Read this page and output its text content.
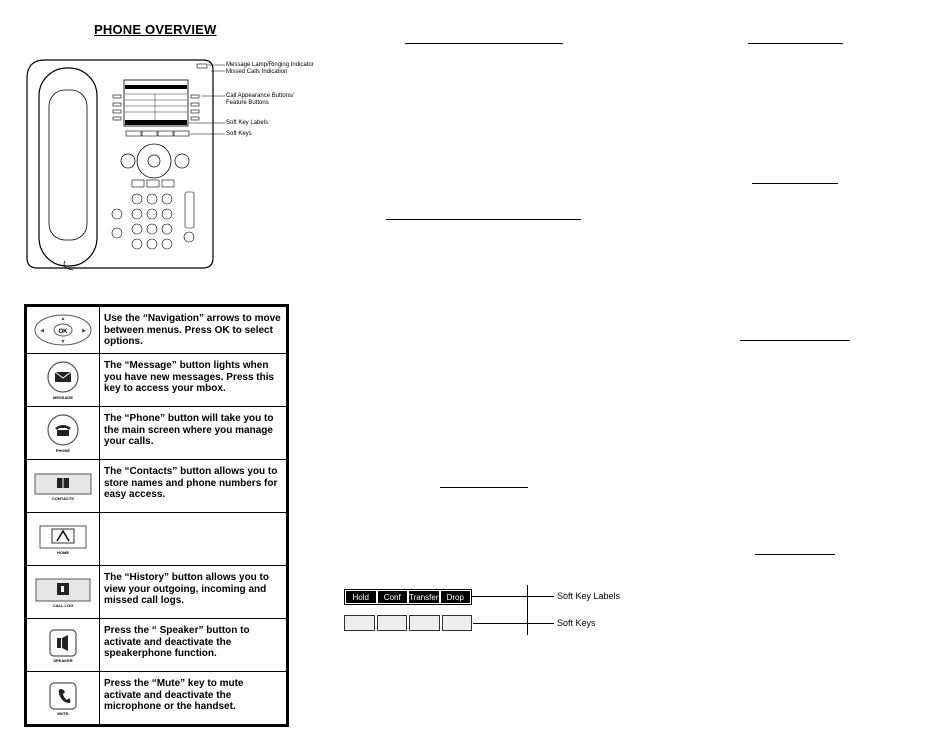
PHONE OVERVIEW
Message Lamp/Ringing Indicator
Missed Calls Indication
Call Appearance Buttons/
Feature Buttons
Soft Key Labels
Soft Keys
OK
▲
▼
◀ ▶	Use the “Navigation” arrows to move between menus. Press OK to select options.

MESSAGE	The “Message” button lights when you have new messages. Press this key to access your mbox.

PHONE	The “Phone” button will take you to the main screen where you manage your calls.

CONTACTS	The “Contacts” button allows you to store names and phone numbers for easy access.

HOME	

CALL LOG	The “History” button allows you to view your outgoing, incoming and missed call logs.

SPEAKER	Press the “ Speaker” button to activate and deactivate the speakerphone function.

MUTE	Press the “Mute” key to mute activate and deactivate the microphone or the handset.
Hold	Conf	Transfer	Drop	Soft Key Labels
Soft Keys
